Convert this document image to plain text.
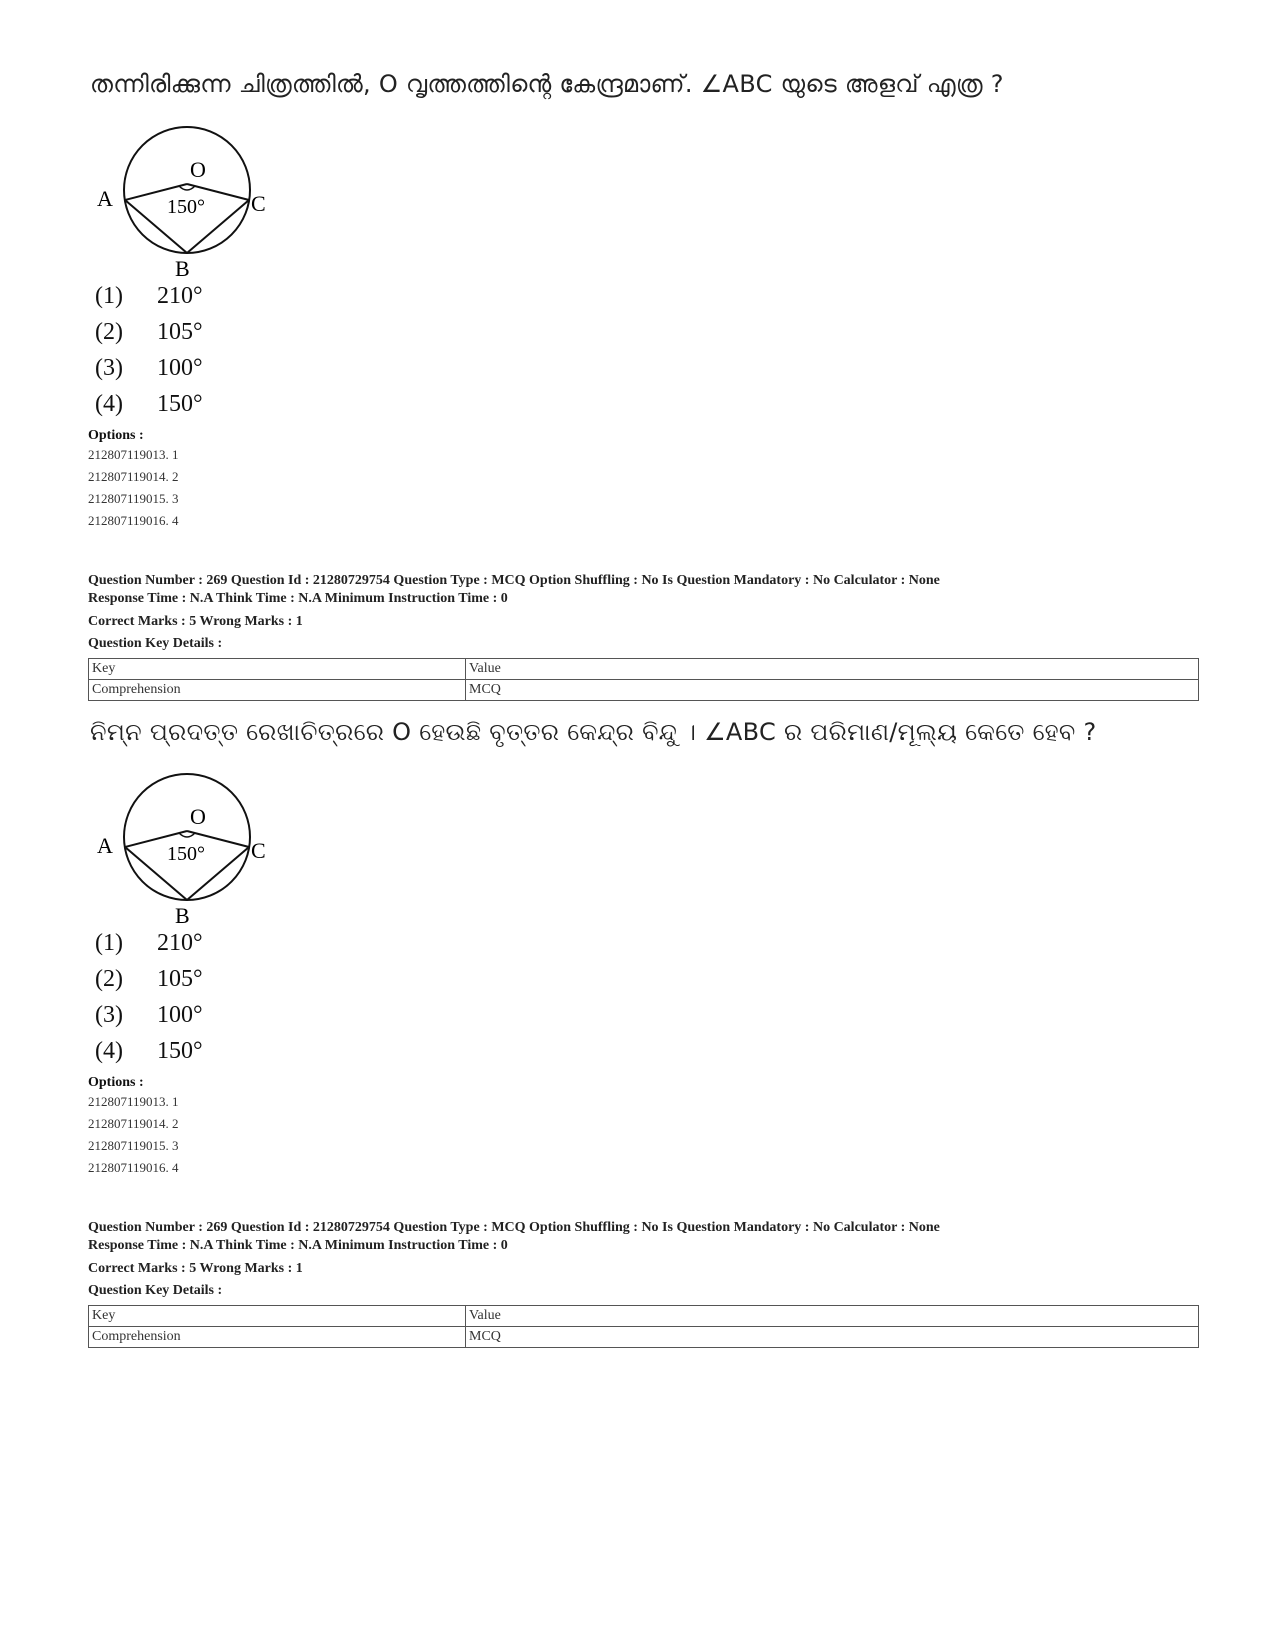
തന്നിരിക്കുന്ന ചിത്രത്തിൽ, O വൃത്തത്തിന്റെ കേന്ദ്രമാണ്. ∠ABC യുടെ അളവ് എത്ര ?
A	C
O
B
150°
(1)	210°
(2)	105°
(3)	100°
(4)	150°
Options :
212807119013. 1
212807119014. 2
212807119015. 3
212807119016. 4
Question Number : 269 Question Id : 21280729754 Question Type : MCQ Option Shuffling : No Is Question Mandatory : No Calculator : None
Response Time : N.A Think Time : N.A Minimum Instruction Time : 0
Correct Marks : 5 Wrong Marks : 1
Question Key Details :
Key	Value
Comprehension	MCQ
ନିମ୍ନ ପ୍ରଦତ୍ତ ରେଖାଚିତ୍ରରେ O ହେଉଛି ବୃତ୍ତର କେନ୍ଦ୍ର ବିନ୍ଦୁ । ∠ABC ର ପରିମାଣ/ମୂଲ୍ୟ କେତେ ହେବ ?
A	C
O
B
150°
(1)	210°
(2)	105°
(3)	100°
(4)	150°
Options :
212807119013. 1
212807119014. 2
212807119015. 3
212807119016. 4
Question Number : 269 Question Id : 21280729754 Question Type : MCQ Option Shuffling : No Is Question Mandatory : No Calculator : None
Response Time : N.A Think Time : N.A Minimum Instruction Time : 0
Correct Marks : 5 Wrong Marks : 1
Question Key Details :
Key	Value
Comprehension	MCQ
